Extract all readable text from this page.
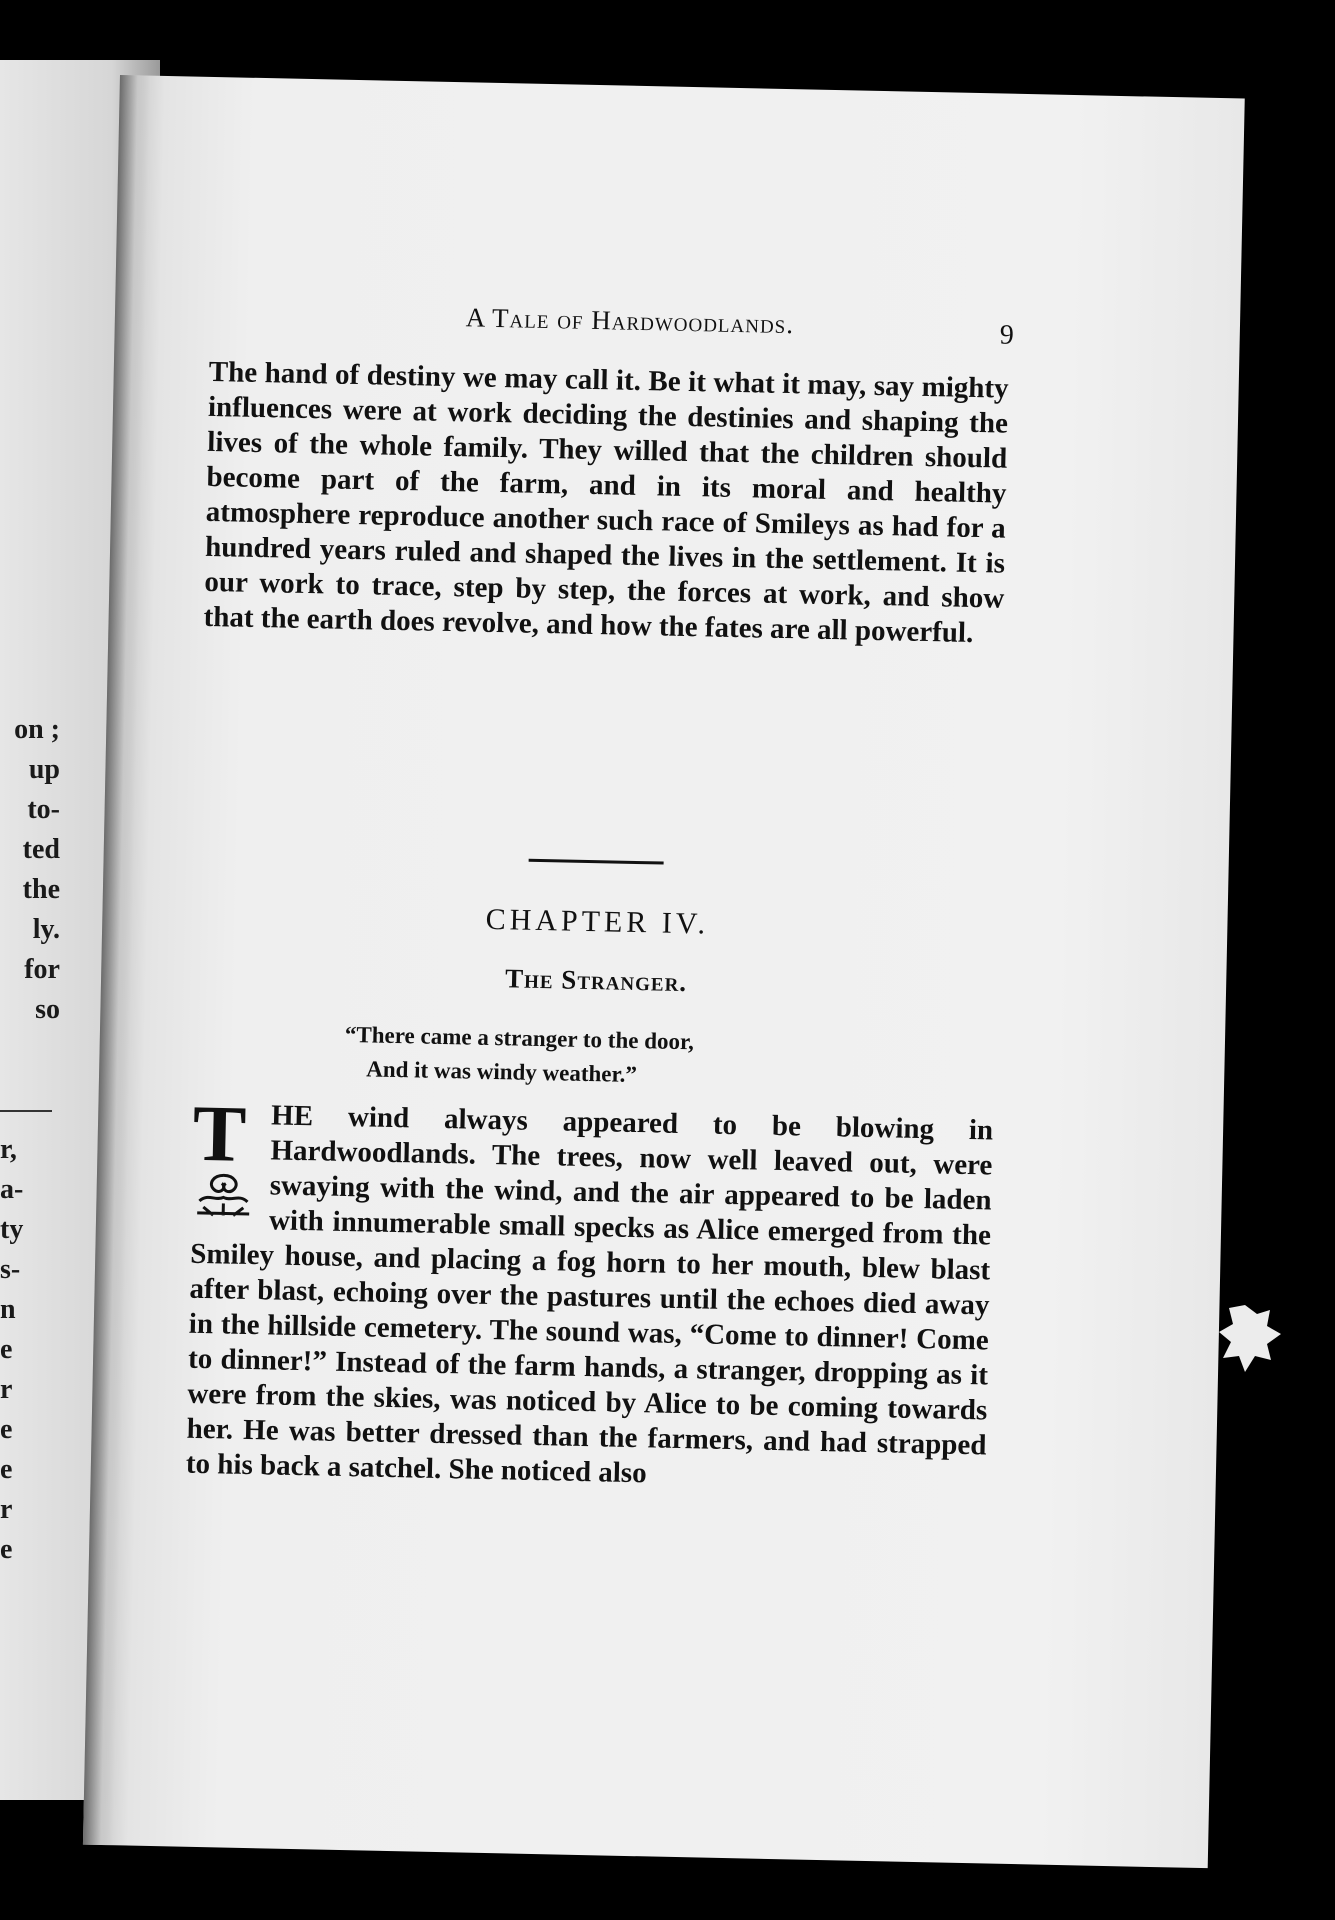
on ;
up
to-
ted
the
ly.
for
so
r,
a-
ty
s-
n
e
r
e
e
r
e
A Tale of Hardwoodlands.	9

The hand of destiny we may call it. Be it what it may, say mighty influences were at work deciding the destinies and shaping the lives of the whole family. They willed that the children should become part of the farm, and in its moral and healthy atmosphere reproduce another such race of Smileys as had for a hundred years ruled and shaped the lives in the settlement. It is our work to trace, step by step, the forces at work, and show that the earth does revolve, and how the fates are all powerful.

CHAPTER IV.
The Stranger.
“There came a stranger to the door,
And it was windy weather.”
T HE wind always appeared to be blowing in Hardwoodlands. The trees, now well leaved out, were swaying with the wind, and the air appeared to be laden with innumerable small specks as Alice emerged from the Smiley house, and placing a fog horn to her mouth, blew blast after blast, echoing over the pastures until the echoes died away in the hillside cemetery. The sound was, “Come to dinner! Come to dinner!” Instead of the farm hands, a stranger, dropping as it were from the skies, was noticed by Alice to be coming towards her. He was better dressed than the farmers, and had strapped to his back a satchel. She noticed also
